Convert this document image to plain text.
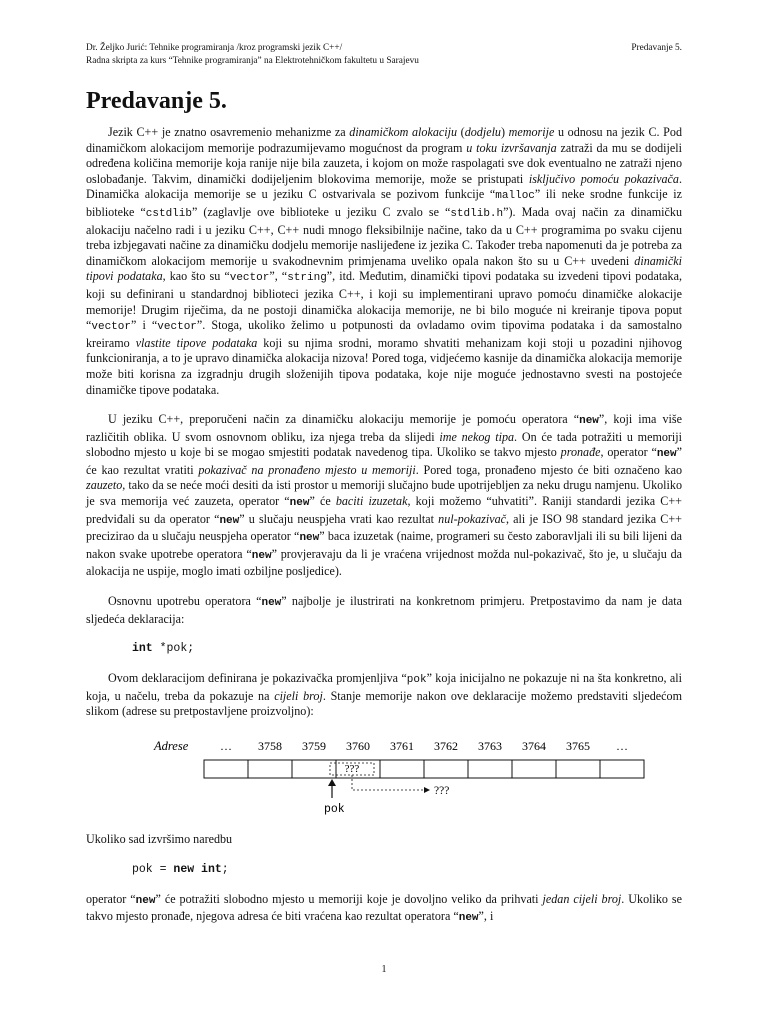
Dr. Željko Jurić: Tehnike programiranja /kroz programski jezik C++/
Radna skripta za kurs “Tehnike programiranja” na Elektrotehničkom fakultetu u Sarajevu
Predavanje 5.
Predavanje 5.

Jezik C++ je znatno osavremenio mehanizme za dinamičkom alokaciju (dodjelu) memorije u odnosu na jezik C. Pod dinamičkom alokacijom memorije podrazumijevamo mogućnost da program u toku izvršavanja zatraži da mu se dodijeli određena količina memorije koja ranije nije bila zauzeta, i kojom on može raspolagati sve dok eventualno ne zatraži njeno oslobađanje. Takvim, dinamički dodijeljenim blokovima memorije, može se pristupati isključivo pomoću pokazivača. Dinamička alokacija memorije se u jeziku C ostvarivala se pozivom funkcije “malloc” ili neke srodne funkcije iz biblioteke “cstdlib” (zaglavlje ove biblioteke u jeziku C zvalo se “stdlib.h”). Mada ovaj način za dinamičku alokaciju načelno radi i u jeziku C++, C++ nudi mnogo fleksibilnije načine, tako da u C++ programima po svaku cijenu treba izbjegavati načine za dinamičku dodjelu memorije naslijeđene iz jezika C. Također treba napomenuti da je potreba za dinamičkom alokacijom memorije u svakodnevnim primjenama uveliko opala nakon što su u C++ uvedeni dinamički tipovi podataka, kao što su “vector”, “string”, itd. Međutim, dinamički tipovi podataka su izvedeni tipovi podataka, koji su definirani u standardnoj biblioteci jezika C++, i koji su implementirani upravo pomoću dinamičke alokacije memorije! Drugim riječima, da ne postoji dinamička alokacija memorije, ne bi bilo moguće ni kreiranje tipova poput “vector” i “vector”. Stoga, ukoliko želimo u potpunosti da ovladamo ovim tipovima podataka i da samostalno kreiramo vlastite tipove podataka koji su njima srodni, moramo shvatiti mehanizam koji stoji u pozadini njihovog funkcioniranja, a to je upravo dinamička alokacija nizova! Pored toga, vidjećemo kasnije da dinamička alokacija memorije može biti korisna za izgradnju drugih složenijih tipova podataka, koje nije moguće jednostavno svesti na postojeće dinamičke tipove podataka.

U jeziku C++, preporučeni način za dinamičku alokaciju memorije je pomoću operatora “new”, koji ima više različitih oblika. U svom osnovnom obliku, iza njega treba da slijedi ime nekog tipa. On će tada potražiti u memoriji slobodno mjesto u koje bi se mogao smjestiti podatak navedenog tipa. Ukoliko se takvo mjesto pronađe, operator “new” će kao rezultat vratiti pokazivač na pronađeno mjesto u memoriji. Pored toga, pronađeno mjesto će biti označeno kao zauzeto, tako da se neće moći desiti da isti prostor u memoriji slučajno bude upotrijebljen za neku drugu namjenu. Ukoliko je sva memorija već zauzeta, operator “new” će baciti izuzetak, koji možemo “uhvatiti”. Raniji standardi jezika C++ predviđali su da operator “new” u slučaju neuspjeha vrati kao rezultat nul-pokazivač, ali je ISO 98 standard jezika C++ precizirao da u slučaju neuspjeha operator “new” baca izuzetak (naime, programeri su često zaboravljali ili su bili lijeni da nakon svake upotrebe operatora “new” provjeravaju da li je vraćena vrijednost možda nul-pokazivač, što je, u slučaju da alokacija ne uspije, moglo imati ozbiljne posljedice).

Osnovnu upotrebu operatora “new” najbolje je ilustrirati na konkretnom primjeru. Pretpostavimo da nam je data sljedeća deklaracija:

int *pok;

Ovom deklaracijom definirana je pokazivačka promjenljiva “pok” koja inicijalno ne pokazuje ni na šta konkretno, ali koja, u načelu, treba da pokazuje na cijeli broj. Stanje memorije nakon ove deklaracije možemo predstaviti sljedećom slikom (adrese su pretpostavljene proizvoljno):

Adrese	… 3758 3759 3760 3761 3762 3763 3764 3765 …
???
???
pok

Ukoliko sad izvršimo naredbu

pok = new int;

operator “new” će potražiti slobodno mjesto u memoriji koje je dovoljno veliko da prihvati jedan cijeli broj. Ukoliko se takvo mjesto pronađe, njegova adresa će biti vraćena kao rezultat operatora “new”, i

1
